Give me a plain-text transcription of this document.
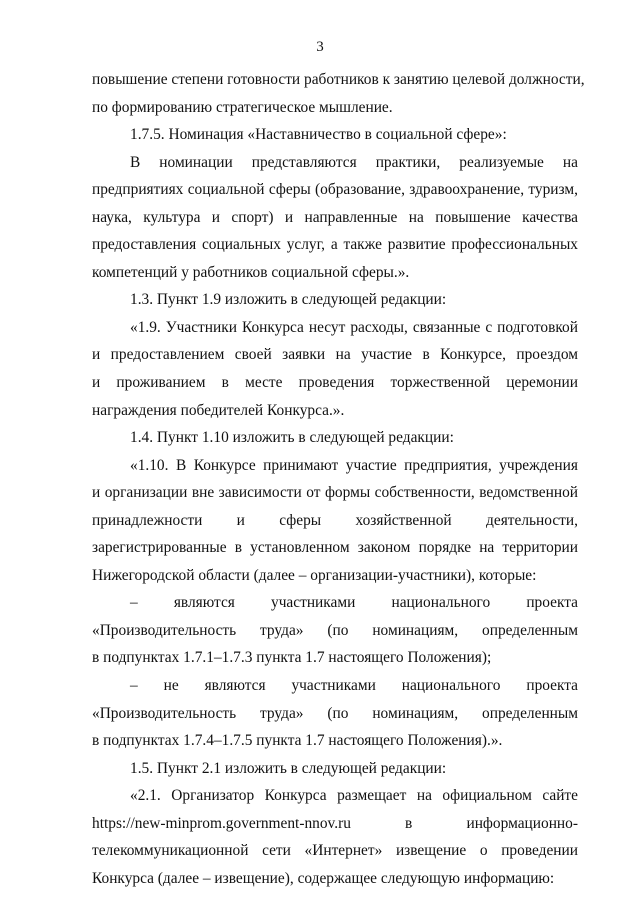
3
повышение степени готовности работников к занятию целевой должности,
по формированию стратегическое мышление.
1.7.5. Номинация «Наставничество в социальной сфере»:
В номинации представляются практики, реализуемые на
предприятиях социальной сферы (образование, здравоохранение, туризм,
наука, культура и спорт) и направленные на повышение качества
предоставления социальных услуг, а также развитие профессиональных
компетенций у работников социальной сферы.».
1.3. Пункт 1.9 изложить в следующей редакции:
«1.9. Участники Конкурса несут расходы, связанные с подготовкой
и предоставлением своей заявки на участие в Конкурсе, проездом
и проживанием в месте проведения торжественной церемонии
награждения победителей Конкурса.».
1.4. Пункт 1.10 изложить в следующей редакции:
«1.10. В Конкурсе принимают участие предприятия, учреждения
и организации вне зависимости от формы собственности, ведомственной
принадлежности и сферы хозяйственной деятельности,
зарегистрированные в установленном законом порядке на территории
Нижегородской области (далее – организации-участники), которые:
– являются участниками национального проекта
«Производительность труда» (по номинациям, определенным
в подпунктах 1.7.1–1.7.3 пункта 1.7 настоящего Положения);
– не являются участниками национального проекта
«Производительность труда» (по номинациям, определенным
в подпунктах 1.7.4–1.7.5 пункта 1.7 настоящего Положения).».
1.5. Пункт 2.1 изложить в следующей редакции:
«2.1. Организатор Конкурса размещает на официальном сайте
https://new-minprom.government-nnov.ru в информационно-
телекоммуникационной сети «Интернет» извещение о проведении
Конкурса (далее – извещение), содержащее следующую информацию:
